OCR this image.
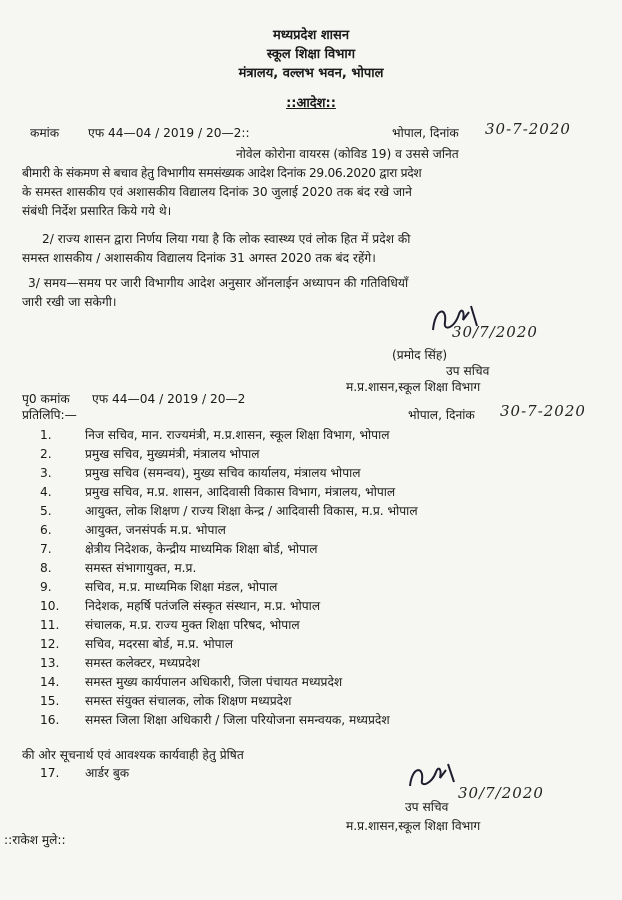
मध्यप्रदेश शासन
स्कूल शिक्षा विभाग
मंत्रालय, वल्लभ भवन, भोपाल
::आदेश::
कमांक एफ 44—04 / 2019 / 20—2::	भोपाल, दिनांक 30-7-2020
नोवेल कोरोना वायरस (कोविड 19) व उससे जनित
बीमारी के संकमण से बचाव हेतु विभागीय समसंख्यक आदेश दिनांक 29.06.2020 द्वारा प्रदेश
के समस्त शासकीय एवं अशासकीय विद्यालय दिनांक 30 जुलाई 2020 तक बंद रखे जाने
संबंधी निर्देश प्रसारित किये गये थे।
2/ राज्य शासन द्वारा निर्णय लिया गया है कि लोक स्वास्थ्य एवं लोक हित में प्रदेश की
समस्त शासकीय / अशासकीय विद्यालय दिनांक 31 अगस्त 2020 तक बंद रहेंगे।
3/ समय—समय पर जारी विभागीय आदेश अनुसार ऑनलाईन अध्यापन की गतिविधियॉं
जारी रखी जा सकेगी।
30/7/2020
(प्रमोद सिंह)
उप सचिव
म.प्र.शासन,स्कूल शिक्षा विभाग
पृ0 कमांक एफ 44—04 / 2019 / 20—2
प्रतिलिपि:—	भोपाल, दिनांक 30-7-2020
1.	निज सचिव, मान. राज्यमंत्री, म.प्र.शासन, स्कूल शिक्षा विभाग, भोपाल
2.	प्रमुख सचिव, मुख्यमंत्री, मंत्रालय भोपाल
3.	प्रमुख सचिव (समन्वय), मुख्य सचिव कार्यालय, मंत्रालय भोपाल
4.	प्रमुख सचिव, म.प्र. शासन, आदिवासी विकास विभाग, मंत्रालय, भोपाल
5.	आयुक्त, लोक शिक्षण / राज्य शिक्षा केन्द्र / आदिवासी विकास, म.प्र. भोपाल
6.	आयुक्त, जनसंपर्क म.प्र. भोपाल
7.	क्षेत्रीय निदेशक, केन्द्रीय माध्यमिक शिक्षा बोर्ड, भोपाल
8.	समस्त संभागायुक्त, म.प्र.
9.	सचिव, म.प्र. माध्यमिक शिक्षा मंडल, भोपाल
10. निदेशक, महर्षि पतंजलि संस्कृत संस्थान, म.प्र. भोपाल
11. संचालक, म.प्र. राज्य मुक्त शिक्षा परिषद, भोपाल
12. सचिव, मदरसा बोर्ड, म.प्र. भोपाल
13. समस्त कलेक्टर, मध्यप्रदेश
14. समस्त मुख्य कार्यपालन अधिकारी, जिला पंचायत मध्यप्रदेश
15. समस्त संयुक्त संचालक, लोक शिक्षण मध्यप्रदेश
16. समस्त जिला शिक्षा अधिकारी / जिला परियोजना समन्वयक, मध्यप्रदेश
की ओर सूचनार्थ एवं आवश्यक कार्यवाही हेतु प्रेषित
17. आर्डर बुक
30/7/2020
उप सचिव
म.प्र.शासन,स्कूल शिक्षा विभाग
::राकेश मुले::
